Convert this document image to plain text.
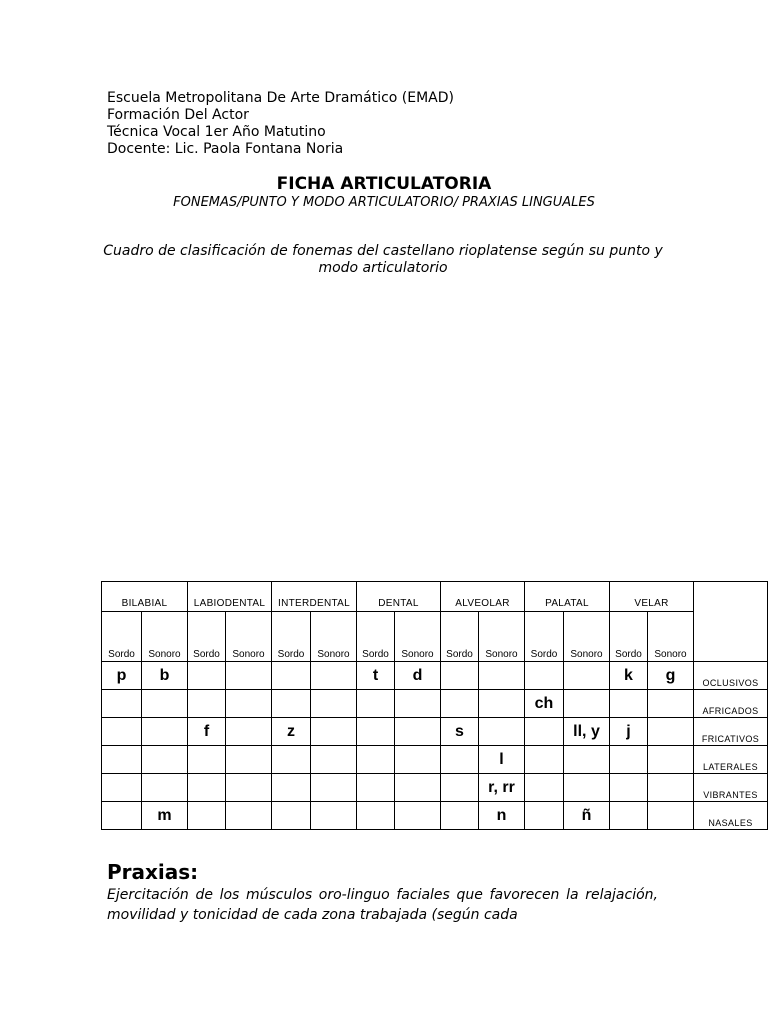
Escuela Metropolitana De Arte Dramático (EMAD)
Formación Del Actor
Técnica Vocal 1er Año Matutino
Docente: Lic. Paola Fontana Noria
FICHA ARTICULATORIA
FONEMAS/PUNTO Y MODO ARTICULATORIO/ PRAXIAS LINGUALES
Cuadro de clasificación de fonemas del castellano rioplatense según su punto y modo articulatorio
BILABIAL		LABIODENTAL		INTERDENTAL		DENTAL		ALVEOLAR		PALATAL		VELAR		
Sordo	Sonoro	Sordo	Sonoro	Sordo	Sonoro	Sordo	Sonoro	Sordo	Sonoro	Sordo	Sonoro	Sordo	Sonoro	
p	b					t	d					k	g	OCLUSIVOS
										ch				AFRICADOS
		f		z				s			ll, y	j		FRICATIVOS
									l					LATERALES
									r, rr					VIBRANTES
	m								n		ñ			NASALES
Praxias:
Ejercitación de los músculos oro-linguo faciales que favorecen la relajación, movilidad y tonicidad de cada zona trabajada (según cada
